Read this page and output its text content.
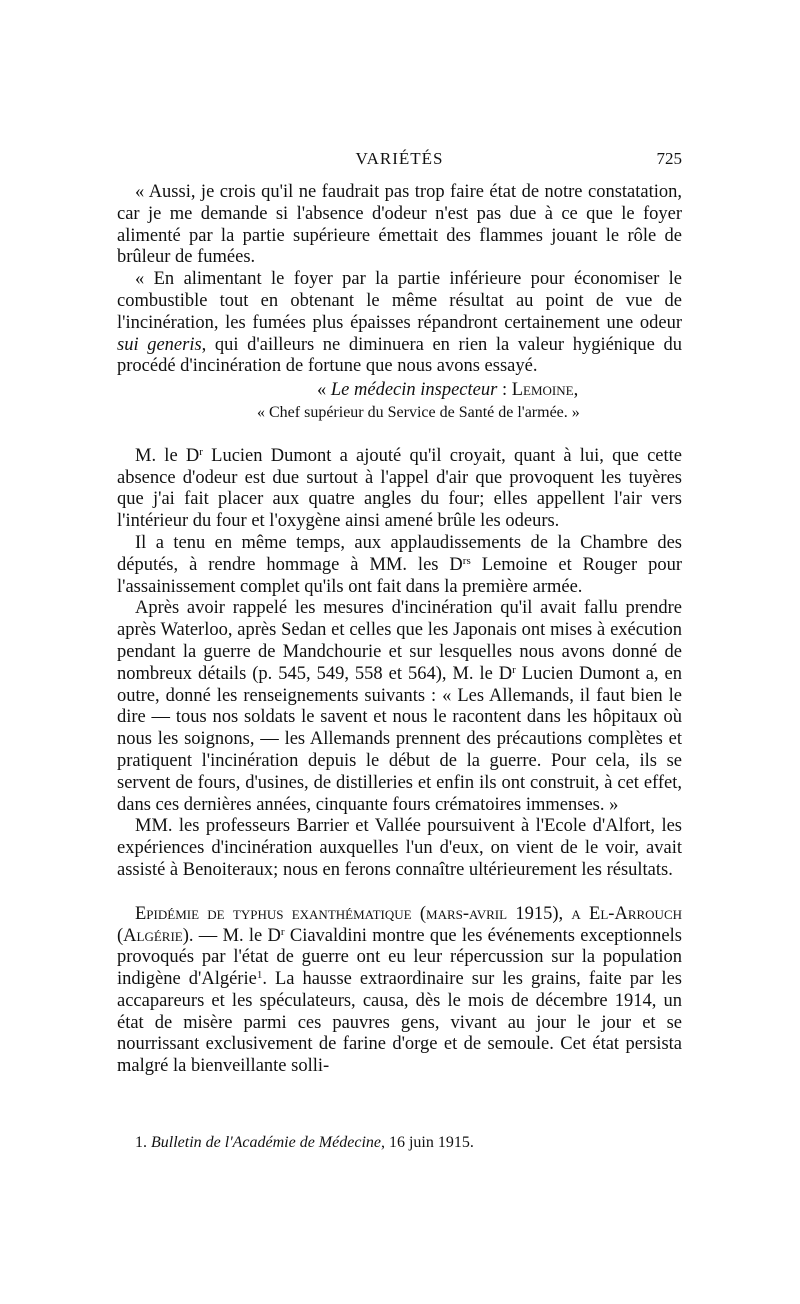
VARIÉTÉS	725

« Aussi, je crois qu'il ne faudrait pas trop faire état de notre constatation, car je me demande si l'absence d'odeur n'est pas due à ce que le foyer alimenté par la partie supérieure émettait des flammes jouant le rôle de brûleur de fumées.

« En alimentant le foyer par la partie inférieure pour économiser le combustible tout en obtenant le même résultat au point de vue de l'incinération, les fumées plus épaisses répandront certainement une odeur sui generis, qui d'ailleurs ne diminuera en rien la valeur hygiénique du procédé d'incinération de fortune que nous avons essayé.

« Le médecin inspecteur : Lemoine,

« Chef supérieur du Service de Santé de l'armée. »

M. le $D^r$ Lucien Dumont a ajouté qu'il croyait, quant à lui, que cette absence d'odeur est due surtout à l'appel d'air que provoquent les tuyères que j'ai fait placer aux quatre angles du four; elles appellent l'air vers l'intérieur du four et l'oxygène ainsi amené brûle les odeurs.

Il a tenu en même temps, aux applaudissements de la Chambre des députés, à rendre hommage à MM. les $D^{rs}$ Lemoine et Rouger pour l'assainissement complet qu'ils ont fait dans la première armée.

Après avoir rappelé les mesures d'incinération qu'il avait fallu prendre après Waterloo, après Sedan et celles que les Japonais ont mises à exécution pendant la guerre de Mandchourie et sur lesquelles nous avons donné de nombreux détails (p. 545, 549, 558 et 564), M. le $D^r$ Lucien Dumont a, en outre, donné les renseignements suivants : « Les Allemands, il faut bien le dire — tous nos soldats le savent et nous le racontent dans les hôpitaux où nous les soignons, — les Allemands prennent des précautions complètes et pratiquent l'incinération depuis le début de la guerre. Pour cela, ils se servent de fours, d'usines, de distilleries et enfin ils ont construit, à cet effet, dans ces dernières années, cinquante fours crématoires immenses. »

MM. les professeurs Barrier et Vallée poursuivent à l'Ecole d'Alfort, les expériences d'incinération auxquelles l'un d'eux, on vient de le voir, avait assisté à Benoiteraux; nous en ferons connaître ultérieurement les résultats.

Epidémie de typhus exanthématique (mars-avril 1915), a El-Arrouch (Algérie). — M. le $D^r$ Ciavaldini montre que les événements exceptionnels provoqués par l'état de guerre ont eu leur répercussion sur la population indigène d'Algérie$^1$. La hausse extraordinaire sur les grains, faite par les accapareurs et les spéculateurs, causa, dès le mois de décembre 1914, un état de misère parmi ces pauvres gens, vivant au jour le jour et se nourrissant exclusivement de farine d'orge et de semoule. Cet état persista malgré la bienveillante solli-

1. Bulletin de l'Académie de Médecine, 16 juin 1915.
